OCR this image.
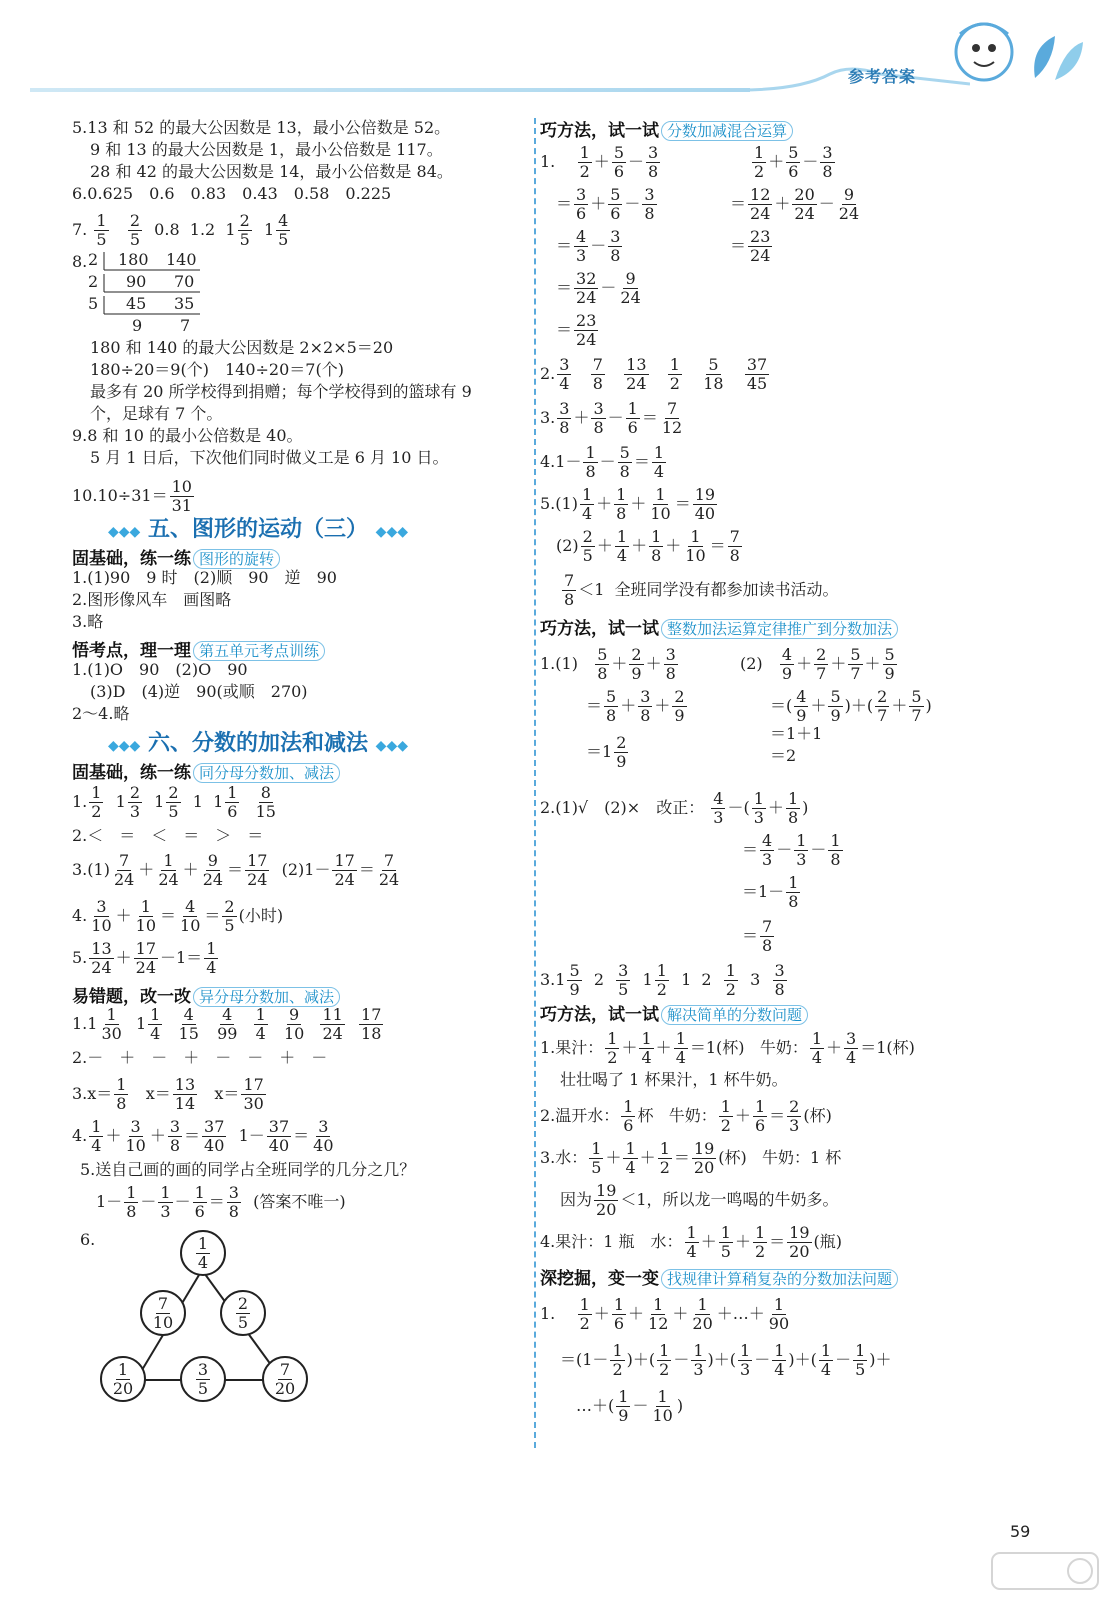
参考答案
5.13 和 52 的最大公因数是 13，最小公倍数是 52。
9 和 13 的最大公因数是 1，最小公倍数是 117。
28 和 42 的最大公因数是 14，最小公倍数是 84。
6.0.625　0.6　0.83　0.43　0.58　0.225
7. $\frac{1}{5}$
$\frac{2}{5} 0.8$  1.2  $1 \frac{2}{5} 1 \frac{4}{5}$
8. 2 180 140
2 90 70
5 45 35
9 7
180 和 140 的最大公因数是 2×2×5＝20
180÷20＝9(个)　140÷20＝7(个)
最多有 20 所学校得到捐赠；每个学校得到的篮球有 9
个，足球有 7 个。
9.8 和 10 的最小公倍数是 40。
5 月 1 日后，下次他们同时做义工是 6 月 10 日。
$10.10\div 31= \frac{10}{31}$
◆◆◆ 五、图形的运动（三） ◆◆◆
固基础，练一练 图形的旋转
1.(1)90　9 时　(2)顺　90　逆　90
2.图形像风车　画图略
3.略
悟考点，理一理 第五单元考点训练
1.(1)O　90　(2)O　90
(3)D　(4)逆　90(或顺　270)
2～4.略
◆◆◆ 六、分数的加法和减法 ◆◆◆
固基础，练一练 同分母分数加、减法
1. $\frac{1}{2} 1 \frac{2}{3} 1 \frac{2}{5} 1$  $1 \frac{1}{6}$
$\frac{8}{15}$
2.＜　＝　＜　＝　＞　＝
$3.(1) \frac{7}{24} + \frac{1}{24} + \frac{9}{24} = \frac{17}{24} (2)1- \frac{17}{24} = \frac{7}{24}$
4. $\frac{3}{10} + \frac{1}{10} = \frac{4}{10} = \frac{2}{5}$ (小时)
5. $\frac{13}{24} + \frac{17}{24} -1= \frac{1}{4}$
易错题，改一改 异分母分数加、减法
$1.1 \frac{1}{30} 1 \frac{1}{4}$
$\frac{4}{15}$
$\frac{4}{99}$
$\frac{1}{4}$
$\frac{9}{10}$
$\frac{11}{24}$
$\frac{17}{18}$
2.－　＋　－　＋　－　－　＋　－
$3.x= \frac{1}{8} x= \frac{13}{14} x= \frac{17}{30}$
4. $\frac{1}{4} + \frac{3}{10} + \frac{3}{8} = \frac{37}{40} 1- \frac{37}{40} = \frac{3}{40}$
5.送自己画的画的同学占全班同学的几分之几？
$1- \frac{1}{8} - \frac{1}{3} - \frac{1}{6} = \frac{3}{8}$ (答案不唯一)
6.	$\frac{1}{4}$
$\frac{7}{10}$	$\frac{2}{5}$
$\frac{1}{20}$	$\frac{3}{5}$	$\frac{7}{20}$
巧方法，试一试 分数加减混合运算
1. $\frac{1}{2} + \frac{5}{6} - \frac{3}{8}$	$\frac{1}{2} + \frac{5}{6} - \frac{3}{8}$
＝ $\frac{3}{6} + \frac{5}{6} - \frac{3}{8}$	＝ $\frac{12}{24} + \frac{20}{24} - \frac{9}{24}$
＝ $\frac{4}{3} - \frac{3}{8}$	＝ $\frac{23}{24}$
＝ $\frac{32}{24} - \frac{9}{24}$
＝ $\frac{23}{24}$
2. $\frac{3}{4}$
$\frac{7}{8}$
$\frac{13}{24}$
$\frac{1}{2}$
$\frac{5}{18}$
$\frac{37}{45}$
3. $\frac{3}{8} + \frac{3}{8} - \frac{1}{6} = \frac{7}{12}$
$4.1- \frac{1}{8} - \frac{5}{8} = \frac{1}{4}$
$5.(1) \frac{1}{4} + \frac{1}{8} + \frac{1}{10} = \frac{19}{40}$
$(2) \frac{2}{5} + \frac{1}{4} + \frac{1}{8} + \frac{1}{10} = \frac{7}{8}$
$\frac{7}{8} <1$  全班同学没有都参加读书活动。
巧方法，试一试 整数加法运算定律推广到分数加法
$1.(1) \frac{5}{8} + \frac{2}{9} + \frac{3}{8}$	$(2) \frac{4}{9} + \frac{2}{7} + \frac{5}{7} + \frac{5}{9}$
＝ $\frac{5}{8} + \frac{3}{8} + \frac{2}{9}$	＝( $\frac{4}{9} + \frac{5}{9}$ )＋( $\frac{2}{7} + \frac{5}{7}$ )
＝1＋1
＝2
$=1 \frac{2}{9}$
2.(1)√　(2)×　改正： $\frac{4}{3}$ －( $\frac{1}{3} + \frac{1}{8}$ )
＝ $\frac{4}{3} - \frac{1}{3} - \frac{1}{8}$
$=1- \frac{1}{8}$
＝ $\frac{7}{8}$
$3.1 \frac{5}{9} 2 \frac{3}{5} 1 \frac{1}{2} 1$  $2 \frac{1}{2} 3 \frac{3}{8}$
巧方法，试一试 解决简单的分数问题
1.果汁： $\frac{1}{2} + \frac{1}{4} + \frac{1}{4} =1$(杯)   牛奶： $\frac{1}{4} + \frac{3}{4} =1$(杯)
壮壮喝了 1 杯果汁，1 杯牛奶。
2.温开水： $\frac{1}{6}$ 杯   牛奶： $\frac{1}{2} + \frac{1}{6} = \frac{2}{3}$ (杯)
3.水： $\frac{1}{5} + \frac{1}{4} + \frac{1}{2} = \frac{19}{20}$ (杯)   牛奶：1 杯
因为 $\frac{19}{20} <1$，所以龙一鸣喝的牛奶多。
4.果汁：1 瓶　水： $\frac{1}{4} + \frac{1}{5} + \frac{1}{2} = \frac{19}{20}$ (瓶)
深挖掘，变一变 找规律计算稍复杂的分数加法问题
1. $\frac{1}{2} + \frac{1}{6} + \frac{1}{12} + \frac{1}{20}$ ＋…＋ $\frac{1}{90}$
$=(1- \frac{1}{2}$ )＋( $\frac{1}{2} - \frac{1}{3}$ )＋( $\frac{1}{3} - \frac{1}{4}$ )＋( $\frac{1}{4} - \frac{1}{5}$ )＋
…＋( $\frac{1}{9} - \frac{1}{10}$ )
59
